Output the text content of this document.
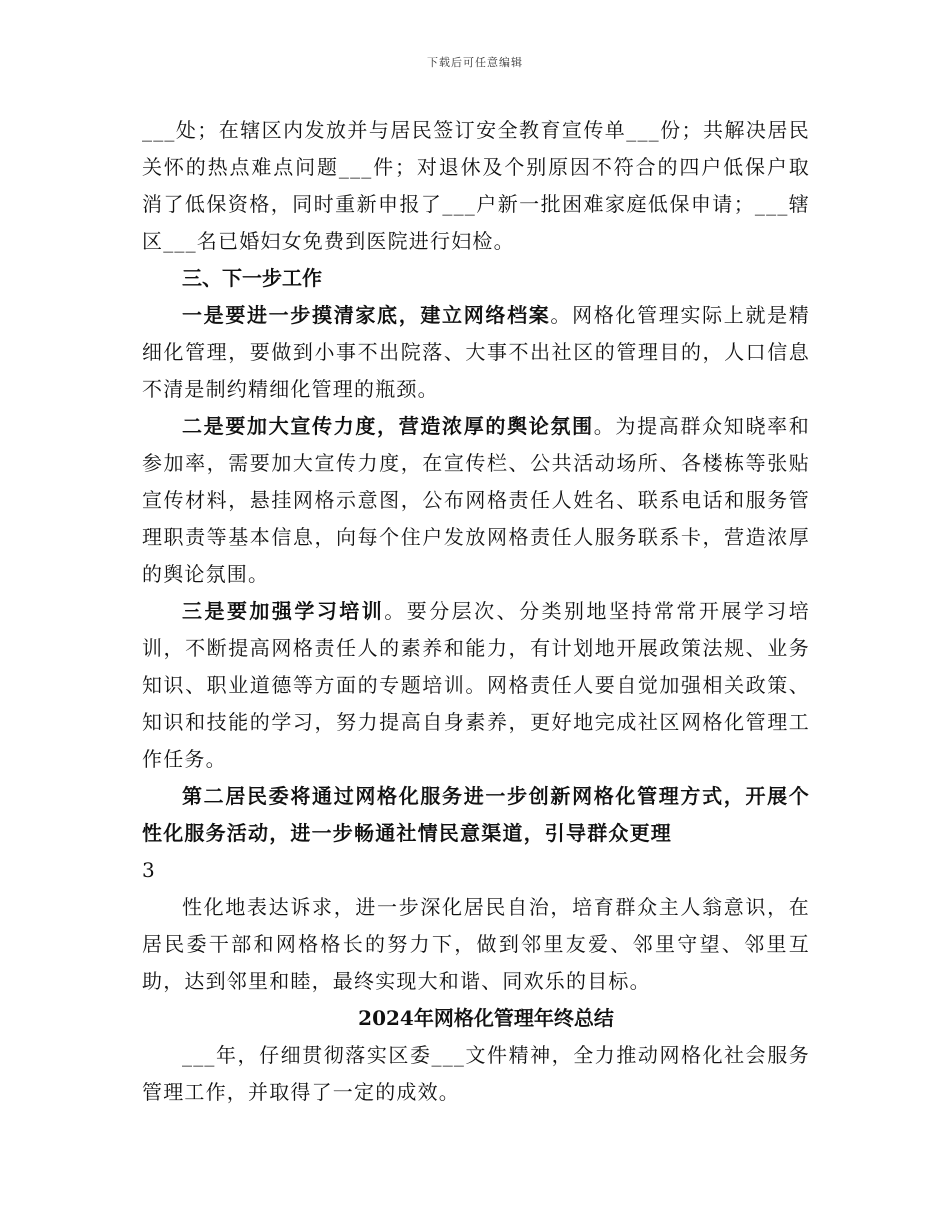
下载后可任意编辑

___处；在辖区内发放并与居民签订安全教育宣传单___份；共解决居民关怀的热点难点问题___件；对退休及个别原因不符合的四户低保户取消了低保资格，同时重新申报了___户新一批困难家庭低保申请；___辖区___名已婚妇女免费到医院进行妇检。

三、下一步工作

一是要进一步摸清家底，建立网络档案。网格化管理实际上就是精细化管理，要做到小事不出院落、大事不出社区的管理目的，人口信息不清是制约精细化管理的瓶颈。

二是要加大宣传力度，营造浓厚的舆论氛围。为提高群众知晓率和参加率，需要加大宣传力度，在宣传栏、公共活动场所、各楼栋等张贴宣传材料，悬挂网格示意图，公布网格责任人姓名、联系电话和服务管理职责等基本信息，向每个住户发放网格责任人服务联系卡，营造浓厚的舆论氛围。

三是要加强学习培训。要分层次、分类别地坚持常常开展学习培训，不断提高网格责任人的素养和能力，有计划地开展政策法规、业务知识、职业道德等方面的专题培训。网格责任人要自觉加强相关政策、知识和技能的学习，努力提高自身素养，更好地完成社区网格化管理工作任务。

第二居民委将通过网格化服务进一步创新网格化管理方式，开展个性化服务活动，进一步畅通社情民意渠道，引导群众更理

3

性化地表达诉求，进一步深化居民自治，培育群众主人翁意识，在居民委干部和网格格长的努力下，做到邻里友爱、邻里守望、邻里互助，达到邻里和睦，最终实现大和谐、同欢乐的目标。

2024年网格化管理年终总结

___年，仔细贯彻落实区委___文件精神，全力推动网格化社会服务管理工作，并取得了一定的成效。
